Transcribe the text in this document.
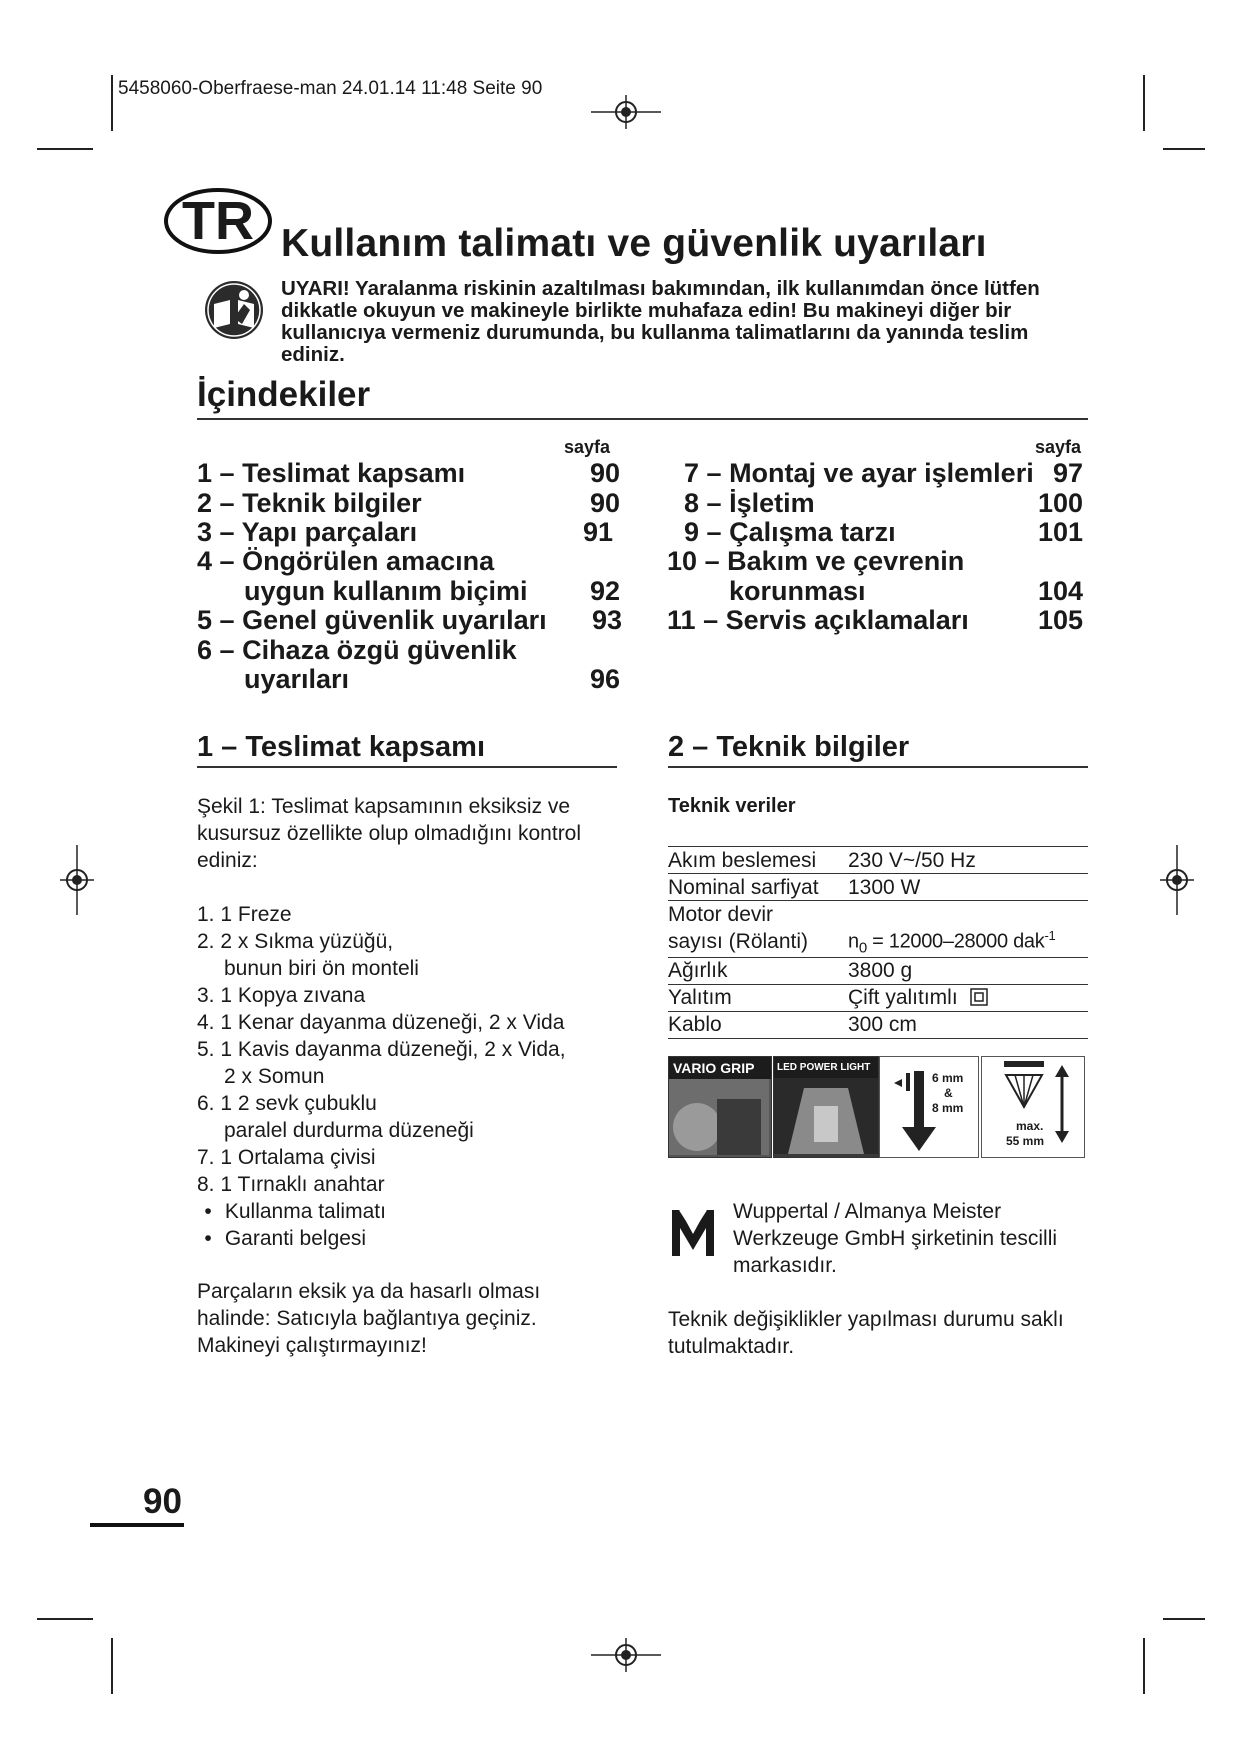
5458060-Oberfraese-man 24.01.14 11:48 Seite 90
TR Kullanım talimatı ve güvenlik uyarıları
UYARI! Yaralanma riskinin azaltılması bakımından, ilk kullanımdan önce lütfen dikkatle okuyun ve makineyle birlikte muhafaza edin! Bu makineyi diğer bir kullanıcıya vermeniz durumunda, bu kullanma talimatlarını da yanında teslim ediniz.
İçindekiler
sayfa	sayfa
1 – Teslimat kapsamı	90
2 – Teknik bilgiler	90
3 – Yapı parçaları	91
4 – Öngörülen amacına
uygun kullanım biçimi	92
5 – Genel güvenlik uyarıları	93
6 – Cihaza özgü güvenlik
uyarıları	96
7 – Montaj ve ayar işlemleri 97
8 – İşletim	100
9 – Çalışma tarzı	101
10 – Bakım ve çevrenin
korunması	104
11 – Servis açıklamaları	105
1 – Teslimat kapsamı
Şekil 1: Teslimat kapsamının eksiksiz ve kusursuz özellikte olup olmadığını kontrol ediniz:
1. 1 Freze
2. 2 x Sıkma yüzüğü,
bunun biri ön monteli
3. 1 Kopya zıvana
4. 1 Kenar dayanma düzeneği, 2 x Vida
5. 1 Kavis dayanma düzeneği, 2 x Vida,
2 x Somun
6. 1 2 sevk çubuklu
paralel durdurma düzeneği
7. 1 Ortalama çivisi
8. 1 Tırnaklı anahtar
• Kullanma talimatı
• Garanti belgesi
Parçaların eksik ya da hasarlı olması halinde: Satıcıyla bağlantıya geçiniz. Makineyi çalıştırmayınız!
2 – Teknik bilgiler
Teknik veriler
Akım beslemesi	230 V~/50 Hz
Nominal sarfiyat	1300 W
Motor devir	
sayısı (Rölanti)	$n_0 = 12000-28000$ dak$^{-1}$
Ağırlık	3800 g
Yalıtım	Çift yalıtımlı
Kablo	300 cm
VARIO GRIP	LED POWER LIGHT
6 mm
&
8 mm
max.
55 mm
Wuppertal / Almanya Meister Werkzeuge GmbH şirketinin tescilli markasıdır.
Teknik değişiklikler yapılması durumu saklı tutulmaktadır.
90
